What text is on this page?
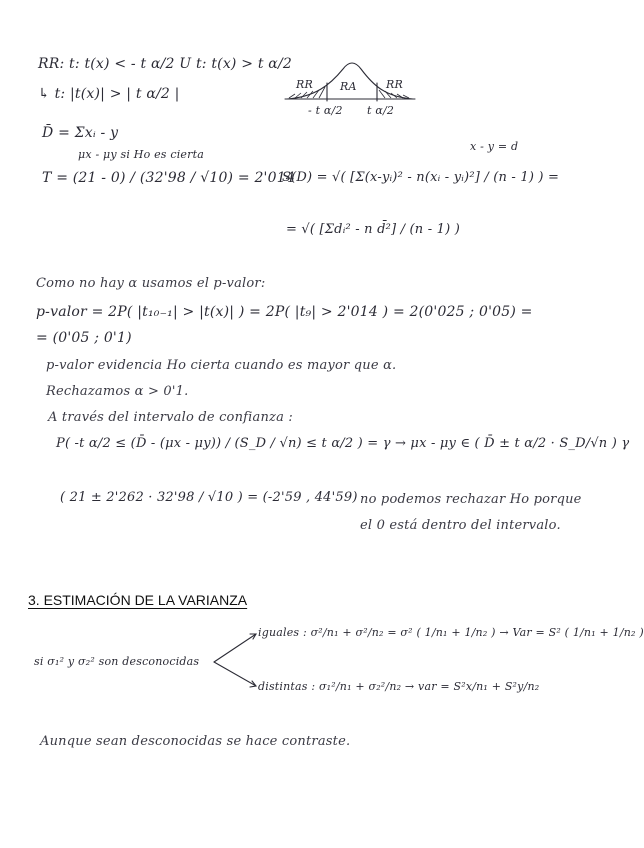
RR: t: t(x) < - t α/2 U t: t(x) > t α/2
↳ t: |t(x)| > | t α/2 |
RR RA	RR
- t α/2 t α/2
D̄ = Σxᵢ - y
μx - μy si Ho es cierta
T = (21 - 0) / (32'98 / √10) = 2'014
x - y = d
S(D) = √( [Σ(x-yᵢ)² - n(xᵢ - yᵢ)²] / (n - 1) ) =
= √( [Σdᵢ² - n d̄²] / (n - 1) )
Como no hay α usamos el p-valor:
p-valor = 2P( |t₁₀₋₁| > |t(x)| ) = 2P( |t₉| > 2'014 ) = 2(0'025 ; 0'05) =
= (0'05 ; 0'1)
p-valor evidencia Ho cierta cuando es mayor que α.
Rechazamos α > 0'1.
A través del intervalo de confianza :
P( -t α/2 ≤ (D̄ - (μx - μy)) / (S_D / √n) ≤ t α/2 ) = γ → μx - μy ∈ ( D̄ ± t α/2 · S_D/√n ) γ
( 21 ± 2'262 · 32'98 / √10 ) = (-2'59 , 44'59) no podemos rechazar Ho porque
el 0 está dentro del intervalo.
3. ESTIMACIÓN DE LA VARIANZA
si σ₁² y σ₂² son desconocidas
iguales : σ²/n₁ + σ²/n₂ = σ² ( 1/n₁ + 1/n₂ ) → Var = S² ( 1/n₁ + 1/n₂ )
distintas : σ₁²/n₁ + σ₂²/n₂ → var = S²x/n₁ + S²y/n₂
Aunque sean desconocidas se hace contraste.
